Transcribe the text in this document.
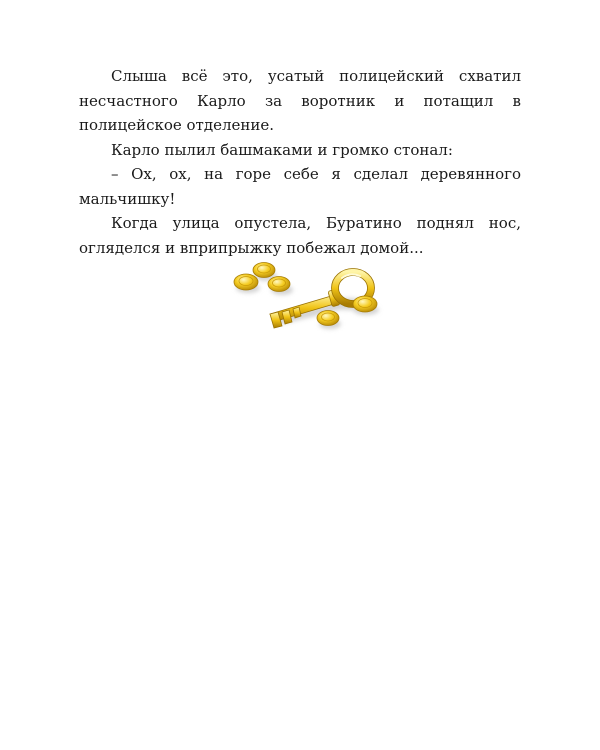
Слыша всё это, усатый полицейский схватил несчастного Карло за воротник и потащил в полицейское отделение.

Карло пылил башмаками и громко стонал:

– Ох, ох, на горе себе я сделал деревянного мальчишку!

Когда улица опустела, Буратино поднял нос, огляделся и вприпрыжку побежал домой...
